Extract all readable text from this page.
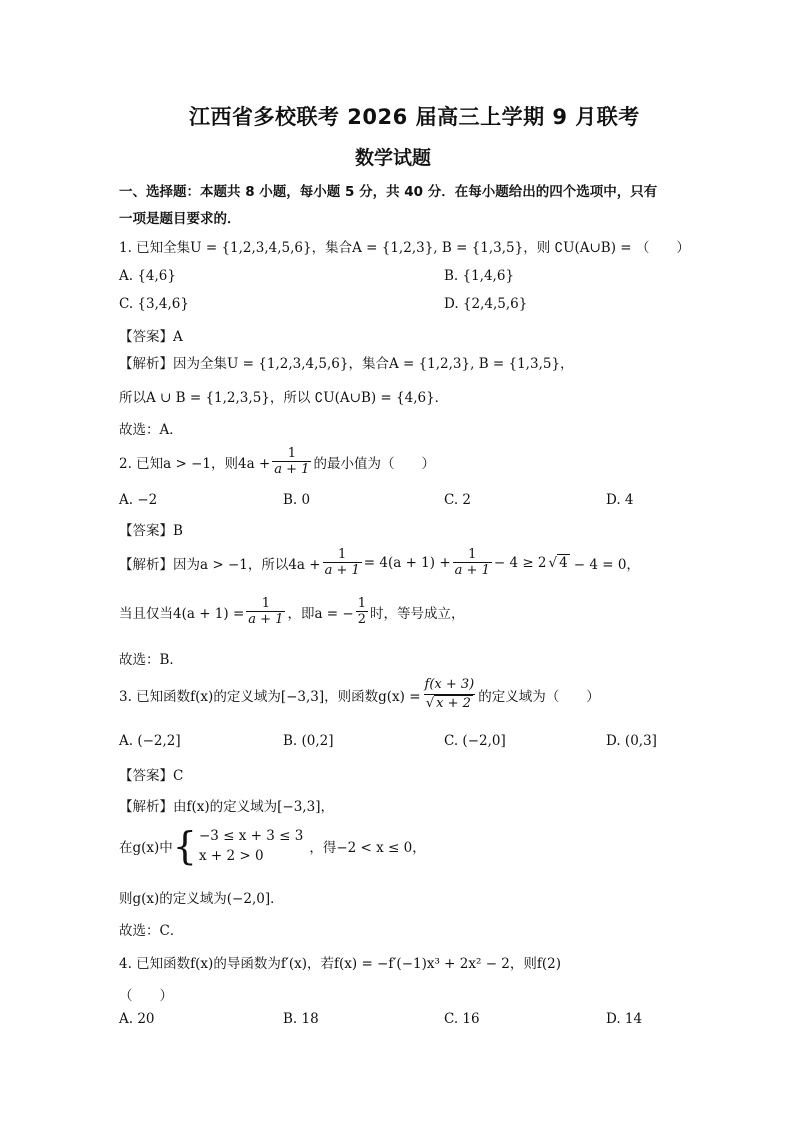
江西省多校联考 2026 届高三上学期 9 月联考
数学试题
一、选择题：本题共 8 小题，每小题 5 分，共 40 分．在每小题给出的四个选项中，只有
一项是题目要求的．
1. 已知全集U = {1,2,3,4,5,6}，集合A = {1,2,3}, B = {1,3,5}，则 ∁U(A∪B) = （　　）
A. {4,6}	B. {1,4,6}
C. {3,4,6}	D. {2,4,5,6}
【答案】A
【解析】因为全集U = {1,2,3,4,5,6}，集合A = {1,2,3}, B = {1,3,5}，
所以A ∪ B = {1,2,3,5}，所以 ∁U(A∪B) = {4,6}．
故选：A．
2. 已知a > −1，则$4a + \frac{1}{a + 1}$ 的最小值为（　　）
A. −2	B. 0	C. 2	D. 4
【答案】B
【解析】因为a > −1，所以$4a + \frac{1}{a + 1} = 4(a + 1) + \frac{1}{a + 1} - 4 \ge 2$ √ 4 − 4 = 0，
当且仅当$4(a + 1) = \frac{1}{a + 1}$ ，即a = − $\frac{1}{2}$ 时，等号成立，
故选：B．
3. 已知函数f(x)的定义域为[−3,3]，则函数$g(x) = \frac{f(x + 3)}{√ x + 2}$ 的定义域为（　　）
A. (−2,2]	B. (0,2]	C. (−2,0]	D. (0,3]
【答案】C
【解析】由f(x)的定义域为[−3,3]，
在g(x)中 { −3 ≤ x + 3 ≤ 3
x + 2 > 0	，得−2 < x ≤ 0，
则g(x)的定义域为(−2,0]．
故选：C．
4. 已知函数f(x)的导函数为f′(x)，若f(x) = −f′(−1)x³ + 2x² − 2，则f(2)
（　　）
A. 20	B. 18	C. 16	D. 14
